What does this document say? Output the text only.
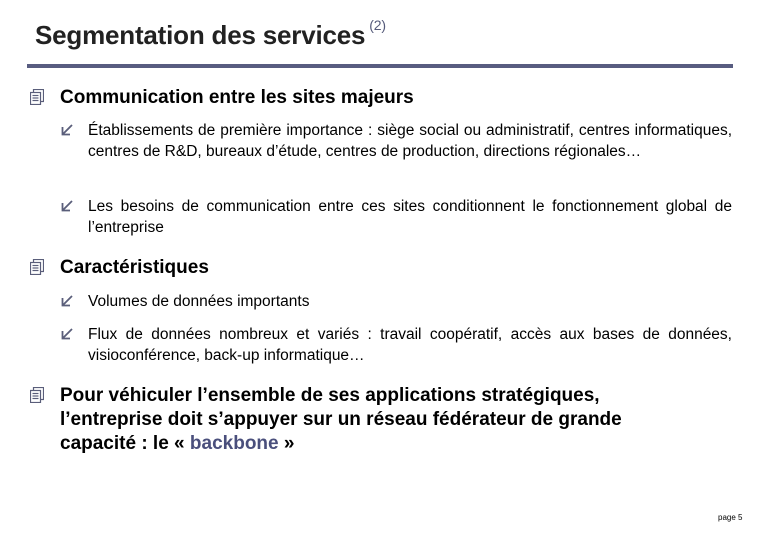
Segmentation des services $^{(2)}$
Communication entre les sites majeurs
Établissements de première importance : siège social ou administratif, centres informatiques, centres de R&D, bureaux d’étude, centres de production, directions régionales…
Les besoins de communication entre ces sites conditionnent le fonctionnement global de l’entreprise
Caractéristiques
Volumes de données importants
Flux de données nombreux et variés : travail coopératif, accès aux bases de données, visioconférence, back-up informatique…
Pour véhiculer l’ensemble de ses applications stratégiques,
l’entreprise doit s’appuyer sur un réseau fédérateur de grande
capacité : le « backbone »
page 5
